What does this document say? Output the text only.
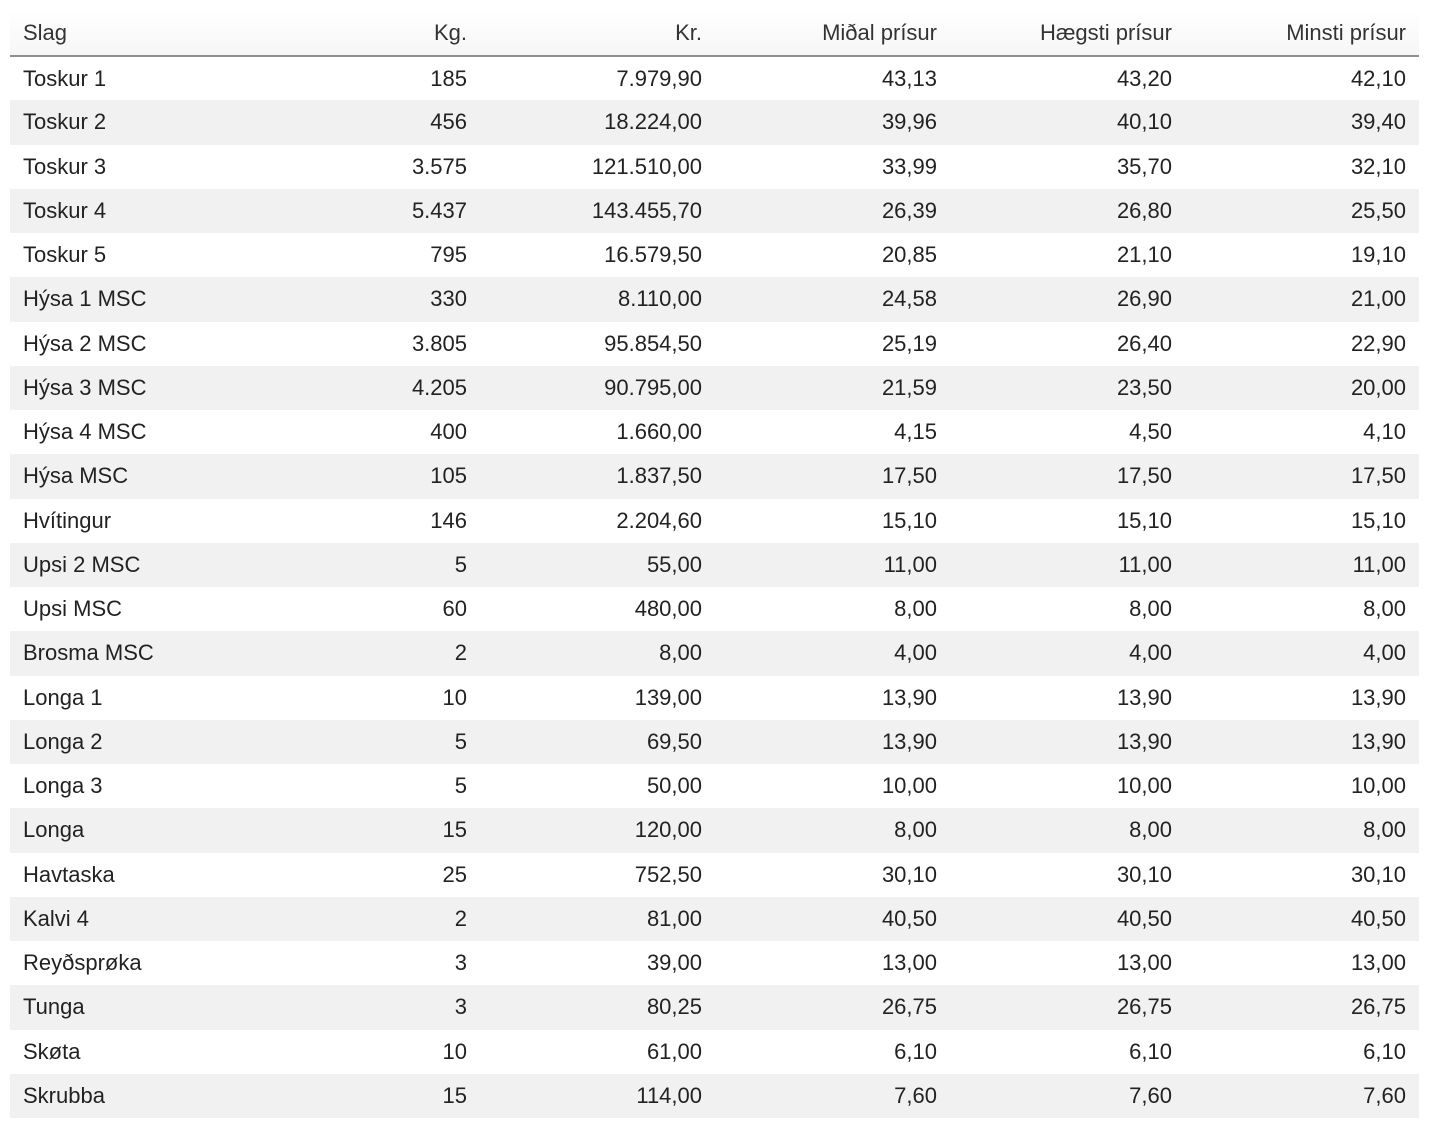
Slag	Kg.	Kr.	Miðal prísur	Hægsti prísur	Minsti prísur
Toskur 1	185	7.979,90	43,13	43,20	42,10
Toskur 2	456	18.224,00	39,96	40,10	39,40
Toskur 3	3.575	121.510,00	33,99	35,70	32,10
Toskur 4	5.437	143.455,70	26,39	26,80	25,50
Toskur 5	795	16.579,50	20,85	21,10	19,10
Hýsa 1 MSC	330	8.110,00	24,58	26,90	21,00
Hýsa 2 MSC	3.805	95.854,50	25,19	26,40	22,90
Hýsa 3 MSC	4.205	90.795,00	21,59	23,50	20,00
Hýsa 4 MSC	400	1.660,00	4,15	4,50	4,10
Hýsa MSC	105	1.837,50	17,50	17,50	17,50
Hvítingur	146	2.204,60	15,10	15,10	15,10
Upsi 2 MSC	5	55,00	11,00	11,00	11,00
Upsi MSC	60	480,00	8,00	8,00	8,00
Brosma MSC	2	8,00	4,00	4,00	4,00
Longa 1	10	139,00	13,90	13,90	13,90
Longa 2	5	69,50	13,90	13,90	13,90
Longa 3	5	50,00	10,00	10,00	10,00
Longa	15	120,00	8,00	8,00	8,00
Havtaska	25	752,50	30,10	30,10	30,10
Kalvi 4	2	81,00	40,50	40,50	40,50
Reyðsprøka	3	39,00	13,00	13,00	13,00
Tunga	3	80,25	26,75	26,75	26,75
Skøta	10	61,00	6,10	6,10	6,10
Skrubba	15	114,00	7,60	7,60	7,60
